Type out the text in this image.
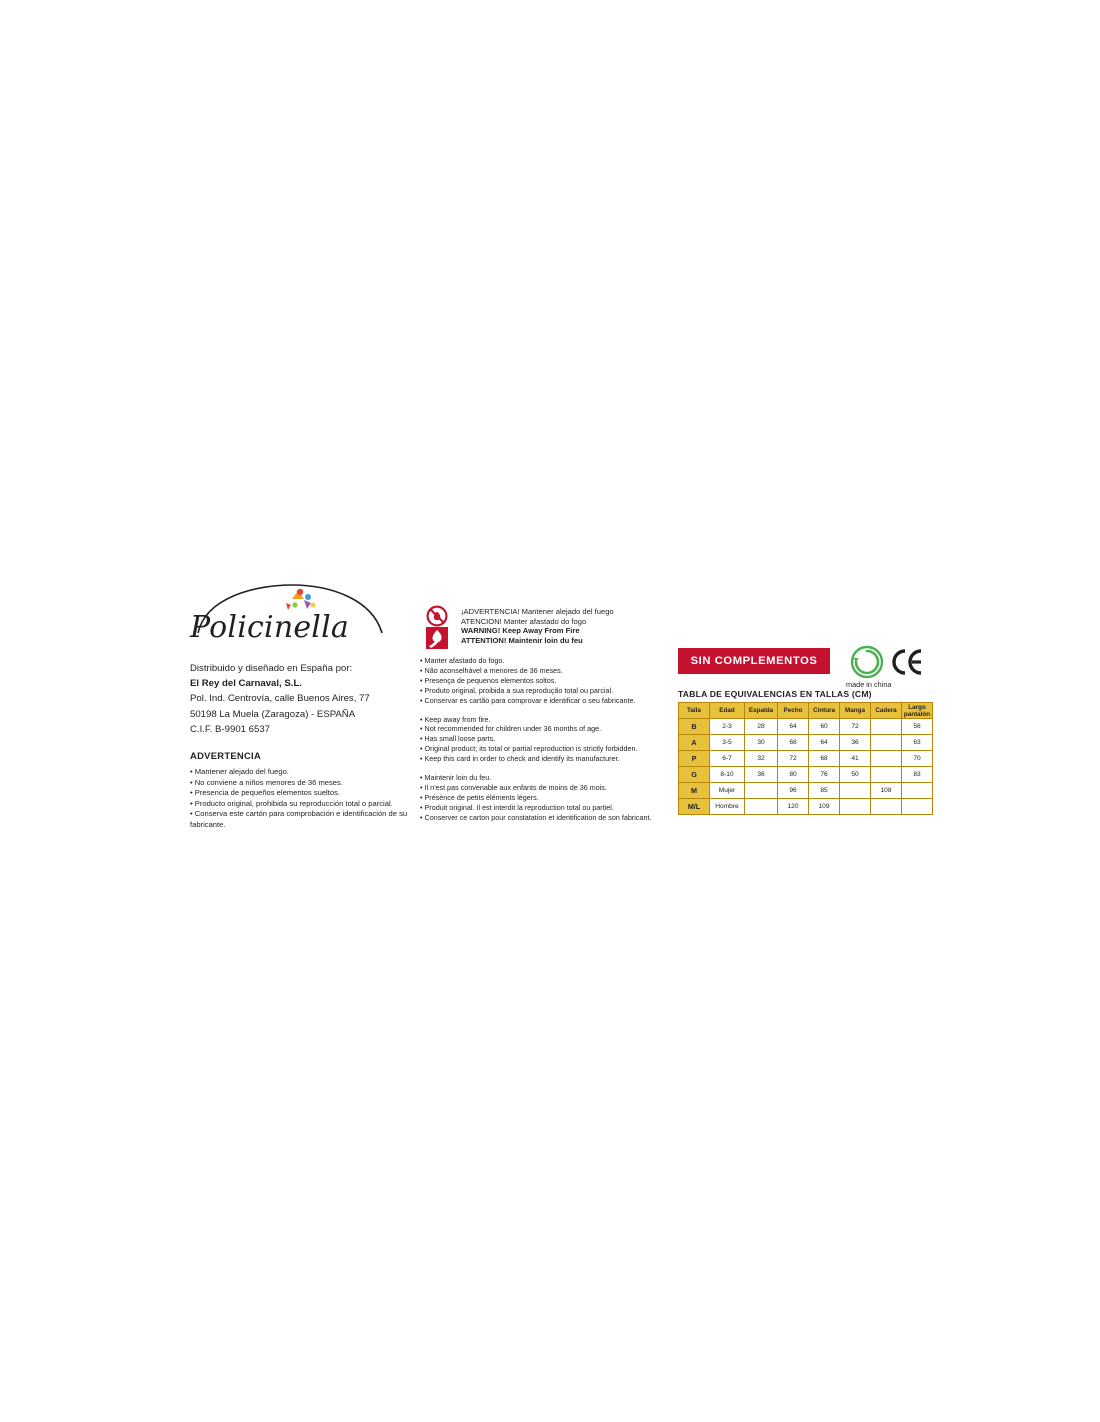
Policinella
Distribuido y diseñado en España por:
El Rey del Carnaval, S.L.
Pol. Ind. Centrovía, calle Buenos Aires, 77
50198 La Muela (Zaragoza) - ESPAÑA
C.I.F. B-9901 6537
ADVERTENCIA
• Mantener alejado del fuego.
• No conviene a niños menores de 36 meses.
• Presencia de pequeños elementos sueltos.
• Producto original, prohibida su reproducción total o parcial.
• Conserva este cartón para comprobación e identificación de su fabricante.
¡ADVERTENCIA! Mantener alejado del fuego
ATENCION! Manter afastado do fogo
WARNING! Keep Away From Fire
ATTENTION! Maintenir loin du feu

• Manter afastado do fogo.
• Não aconselhável a menores de 36 meses.
• Presença de pequenos elementos soltos.
• Produto original, proibida a sua reprodução total ou parcial.
• Conservar es cartão para comprovar e identificar o seu fabricante.

• Keep away from fire.
• Not recommended for children under 36 months of age.
• Has small loose parts.
• Original product; its total or partial reproduction is strictly forbidden.
• Keep this card in order to check and identify its manufacturer.

• Maintenir loin du feu.
• Il n'est pas convenable aux enfants de moins de 36 mois.
• Présènce de petits éléments légers.
• Produit original. Il est interdit la reproduction total ou partiel.
• Conserver ce carton pour constatation et identification de son fabricant.

SIN COMPLEMENTOS
made in china
TABLA DE EQUIVALENCIAS EN TALLAS (CM)
Talla	Edad	Espalda	Pecho	Cintura	Manga	Cadera	Largo pantalón
B	2-3	28	64	60	72		56
A	3-5	30	68	64	36		63
P	6-7	32	72	68	41		70
G	8-10	36	80	76	50		83
M	Mujer		96	85		108	
M/L	Hombre		120	109			
